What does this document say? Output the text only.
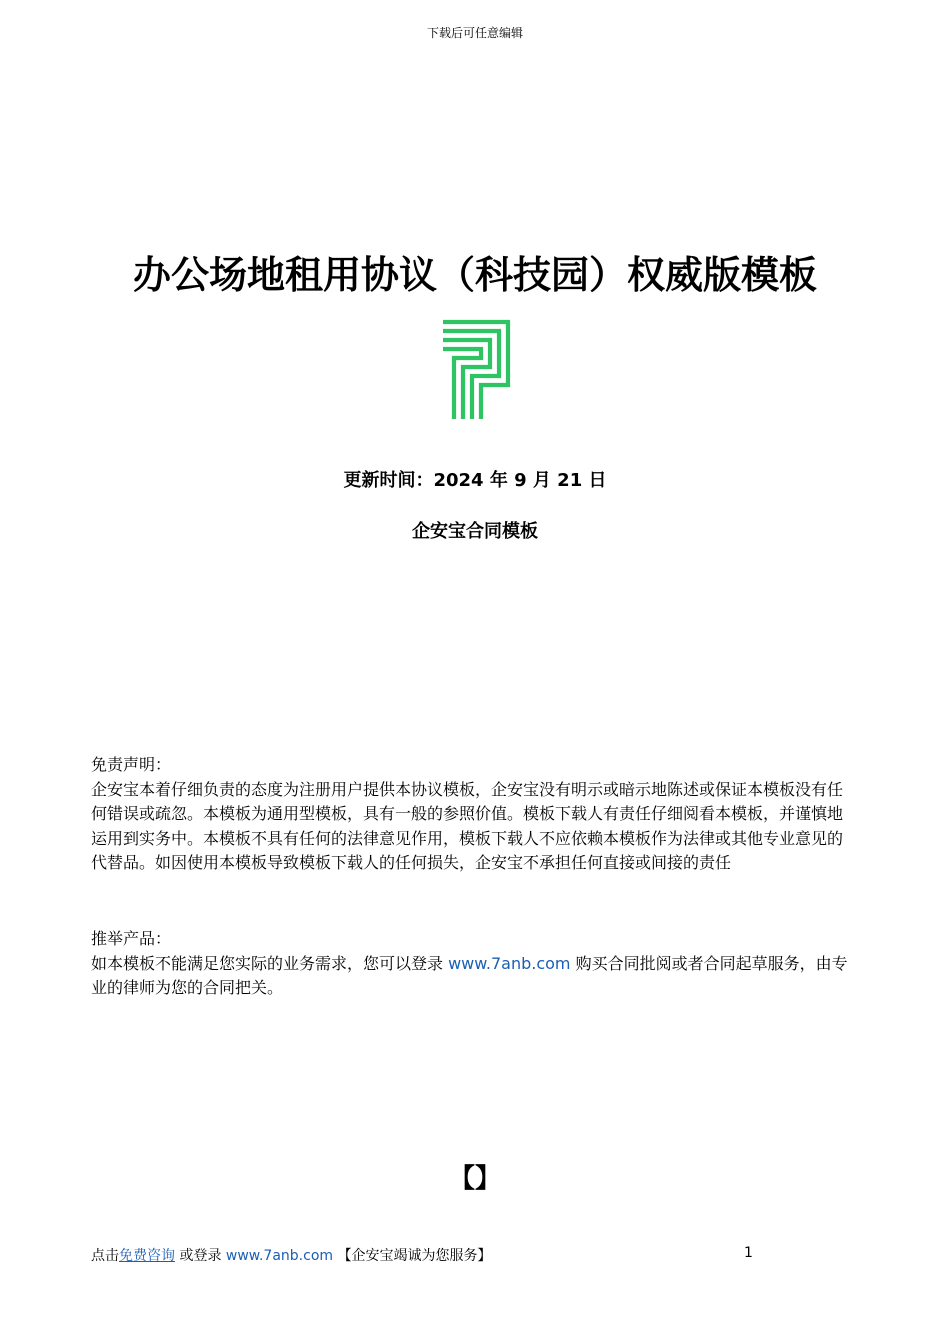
下载后可任意编辑
办公场地租用协议（科技园）权威版模板
更新时间：2024 年 9 月 21 日
企安宝合同模板
免责声明：
企安宝本着仔细负责的态度为注册用户提供本协议模板，企安宝没有明示或暗示地陈述或保证本模板没有任何错误或疏忽。本模板为通用型模板，具有一般的参照价值。模板下载人有责任仔细阅看本模板，并谨慎地运用到实务中。本模板不具有任何的法律意见作用，模板下载人不应依赖本模板作为法律或其他专业意见的代替品。如因使用本模板导致模板下载人的任何损失，企安宝不承担任何直接或间接的责任
推举产品：
如本模板不能满足您实际的业务需求，您可以登录 www.7anb.com 购买合同批阅或者合同起草服务，由专业的律师为您的合同把关。
【】
点击免费咨询 或登录 www.7anb.com 【企安宝竭诚为您服务】	1
